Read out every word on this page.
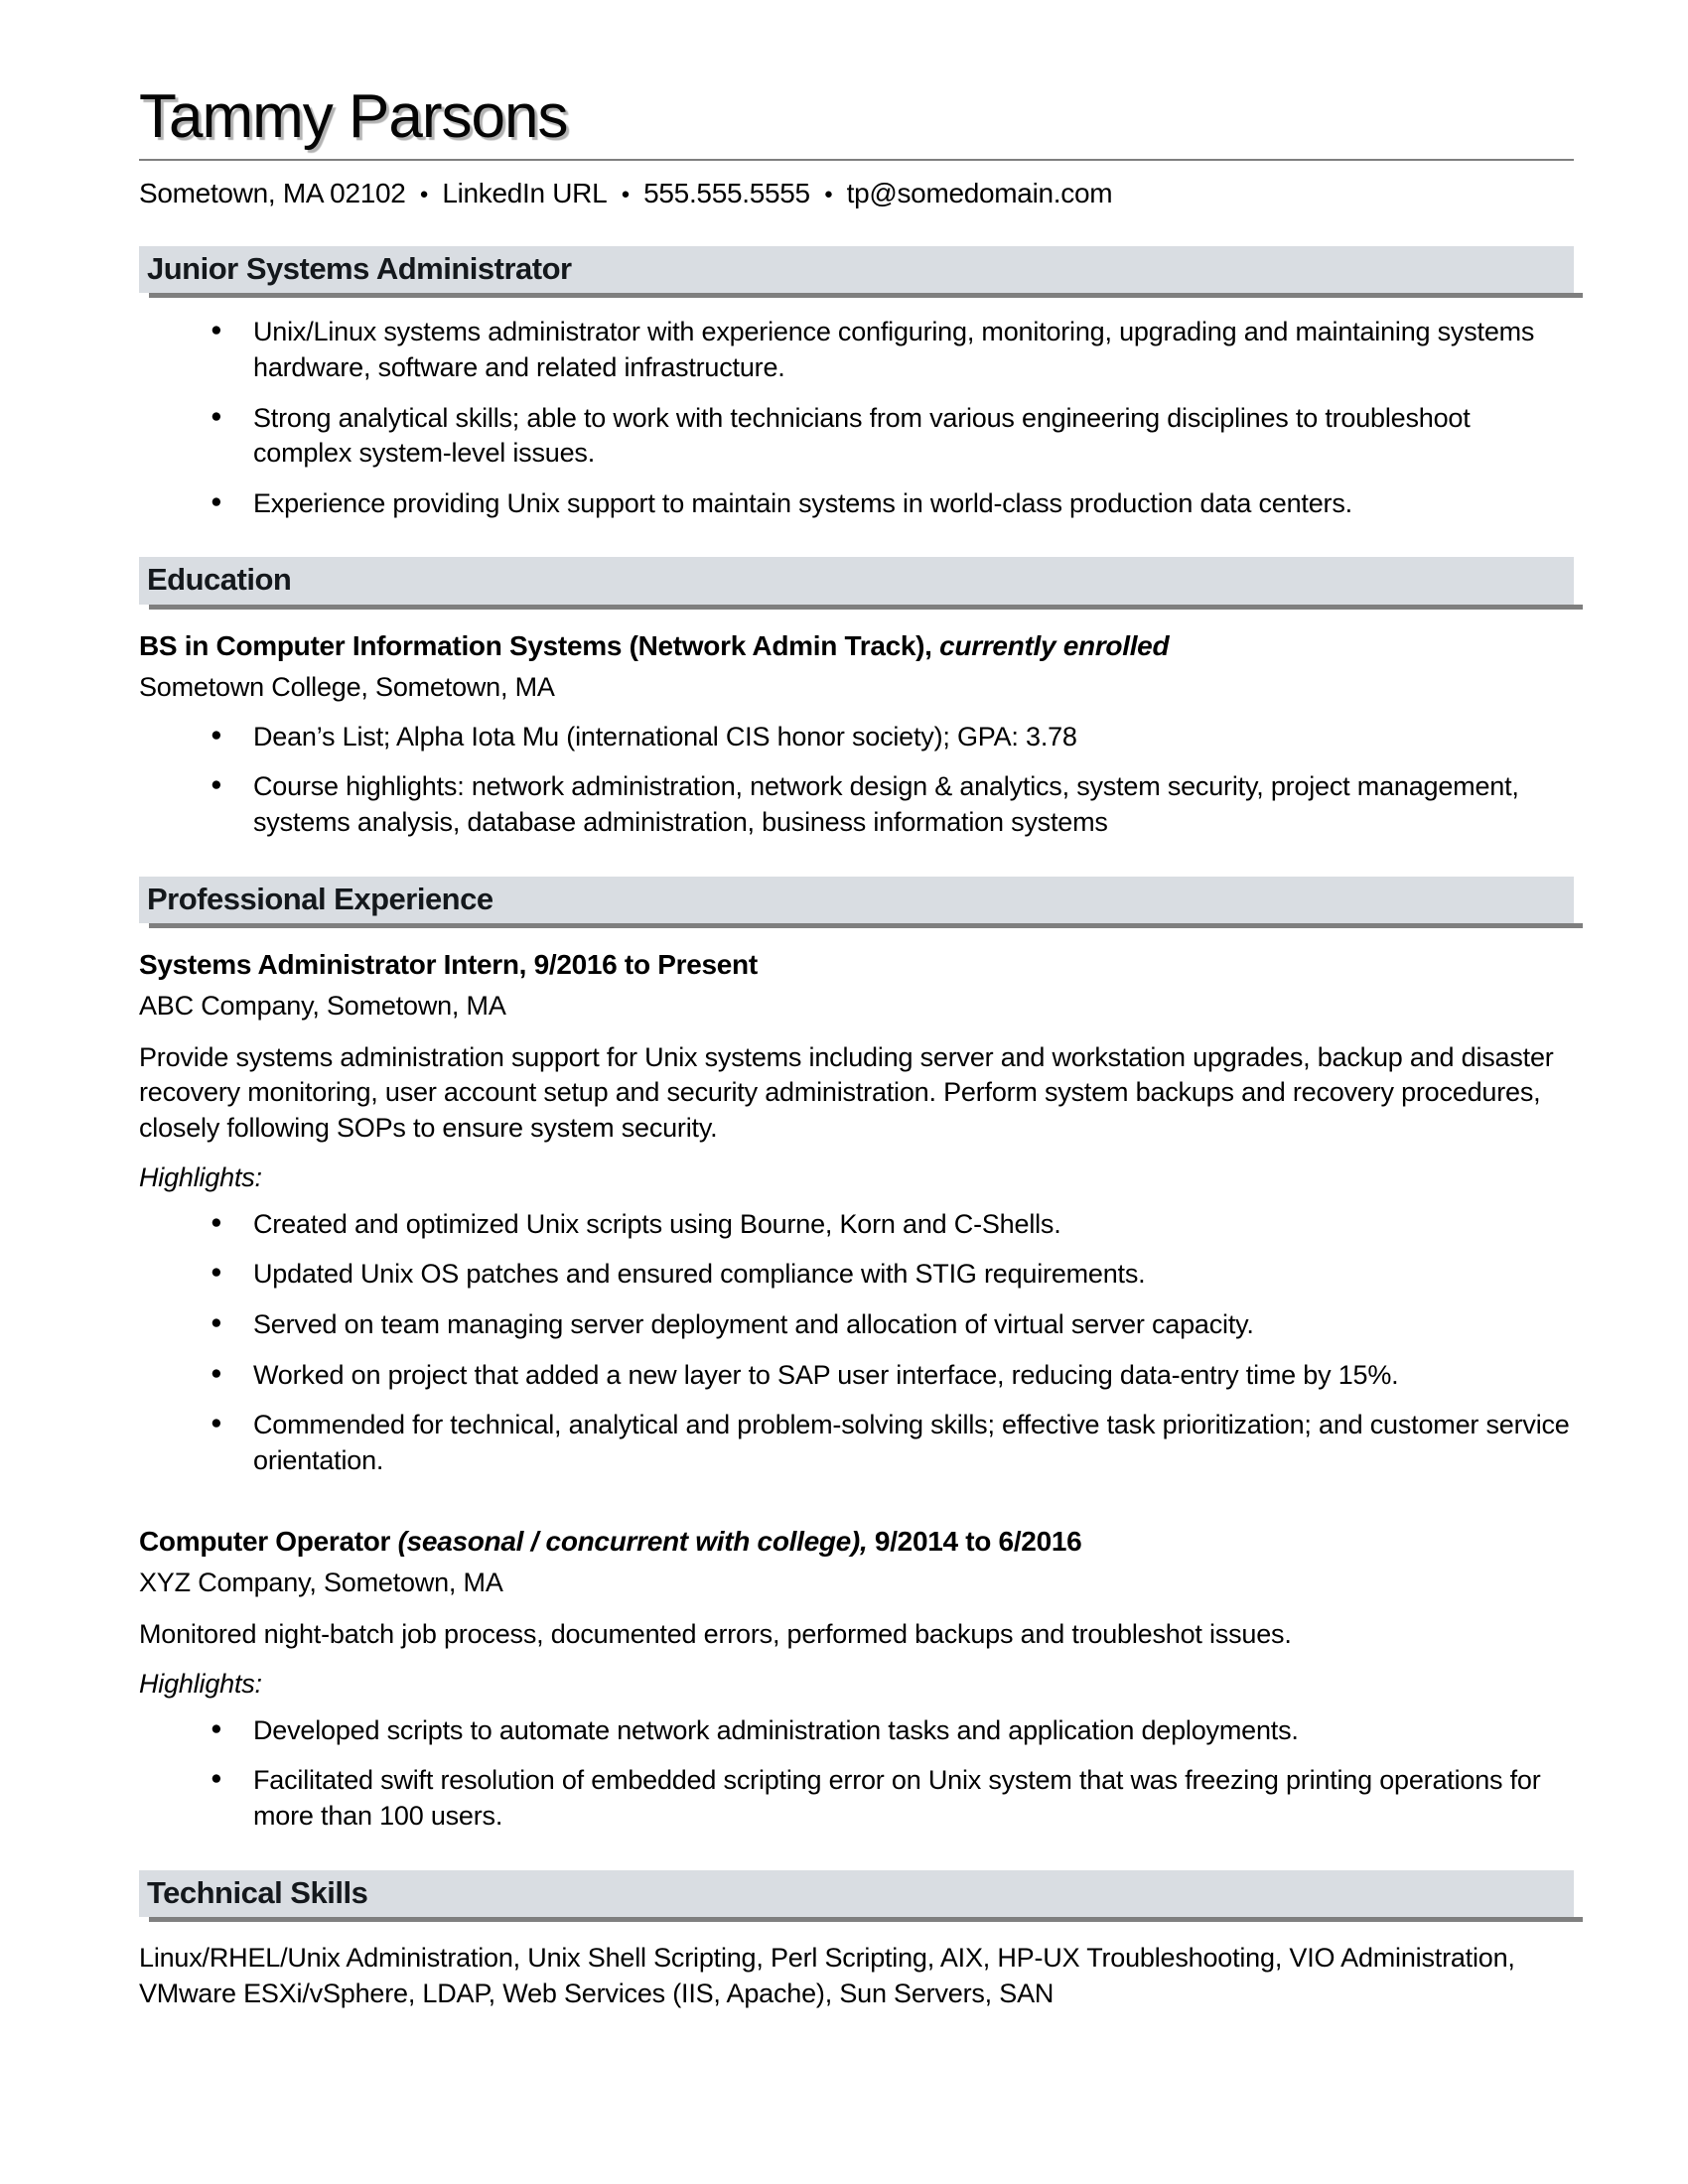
Tammy Parsons

Sometown, MA 02102 ● LinkedIn URL ● 555.555.5555 ● tp@somedomain.com

Junior Systems Administrator
● Unix/Linux systems administrator with experience configuring, monitoring, upgrading and maintaining systems hardware, software and related infrastructure.
● Strong analytical skills; able to work with technicians from various engineering disciplines to troubleshoot complex system-level issues.
● Experience providing Unix support to maintain systems in world-class production data centers.
Education

BS in Computer Information Systems (Network Admin Track), currently enrolled

Sometown College, Sometown, MA

● Dean’s List; Alpha Iota Mu (international CIS honor society); GPA: 3.78
● Course highlights: network administration, network design & analytics, system security, project management, systems analysis, database administration, business information systems
Professional Experience

Systems Administrator Intern, 9/2016 to Present

ABC Company, Sometown, MA

Provide systems administration support for Unix systems including server and workstation upgrades, backup and disaster recovery monitoring, user account setup and security administration. Perform system backups and recovery procedures, closely following SOPs to ensure system security.

Highlights:

● Created and optimized Unix scripts using Bourne, Korn and C-Shells.
● Updated Unix OS patches and ensured compliance with STIG requirements.
● Served on team managing server deployment and allocation of virtual server capacity.
● Worked on project that added a new layer to SAP user interface, reducing data-entry time by 15%.
● Commended for technical, analytical and problem-solving skills; effective task prioritization; and customer service orientation.

Computer Operator (seasonal / concurrent with college), 9/2014 to 6/2016

XYZ Company, Sometown, MA

Monitored night-batch job process, documented errors, performed backups and troubleshot issues.

Highlights:

● Developed scripts to automate network administration tasks and application deployments.
● Facilitated swift resolution of embedded scripting error on Unix system that was freezing printing operations for more than 100 users.
Technical Skills

Linux/RHEL/Unix Administration, Unix Shell Scripting, Perl Scripting, AIX, HP-UX Troubleshooting, VIO Administration, VMware ESXi/vSphere, LDAP, Web Services (IIS, Apache), Sun Servers, SAN
